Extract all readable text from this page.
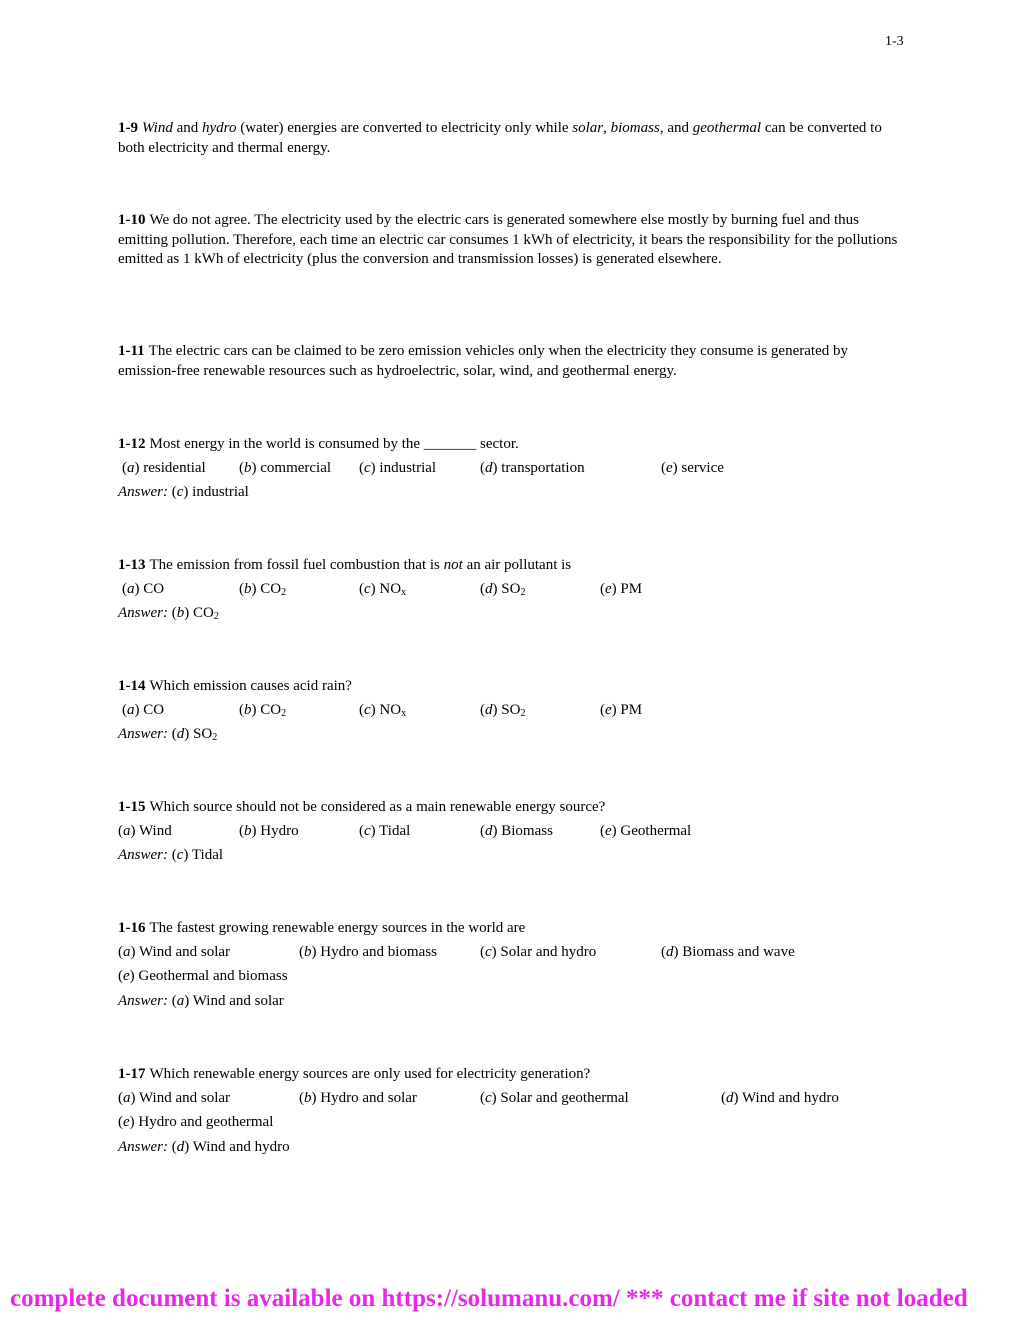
1-3
1-9 Wind and hydro (water) energies are converted to electricity only while solar, biomass, and geothermal can be converted to both electricity and thermal energy.
1-10 We do not agree. The electricity used by the electric cars is generated somewhere else mostly by burning fuel and thus emitting pollution. Therefore, each time an electric car consumes 1 kWh of electricity, it bears the responsibility for the pollutions emitted as 1 kWh of electricity (plus the conversion and transmission losses) is generated elsewhere.
1-11 The electric cars can be claimed to be zero emission vehicles only when the electricity they consume is generated by emission-free renewable resources such as hydroelectric, solar, wind, and geothermal energy.
1-12 Most energy in the world is consumed by the _______ sector.
(a) residential (b) commercial (c) industrial	(d) transportation	(e) service
Answer: (c) industrial
1-13 The emission from fossil fuel combustion that is not an air pollutant is
(a) CO	(b) $CO_2$	(c) $NO_x$	(d) $SO_2$	(e) PM
Answer: (b) $CO_2$
1-14 Which emission causes acid rain?
(a) CO	(b) $CO_2$	(c) $NO_x$	(d) $SO_2$	(e) PM
Answer: (d) $SO_2$
1-15 Which source should not be considered as a main renewable energy source?
(a) Wind	(b) Hydro	(c) Tidal	(d) Biomass	(e) Geothermal
Answer: (c) Tidal
1-16 The fastest growing renewable energy sources in the world are
(a) Wind and solar	(b) Hydro and biomass	(c) Solar and hydro	(d) Biomass and wave
(e) Geothermal and biomass
Answer: (a) Wind and solar
1-17 Which renewable energy sources are only used for electricity generation?
(a) Wind and solar	(b) Hydro and solar	(c) Solar and geothermal	(d) Wind and hydro
(e) Hydro and geothermal
Answer: (d) Wind and hydro
complete document is available on https://solumanu.com/ *** contact me if site not loaded
